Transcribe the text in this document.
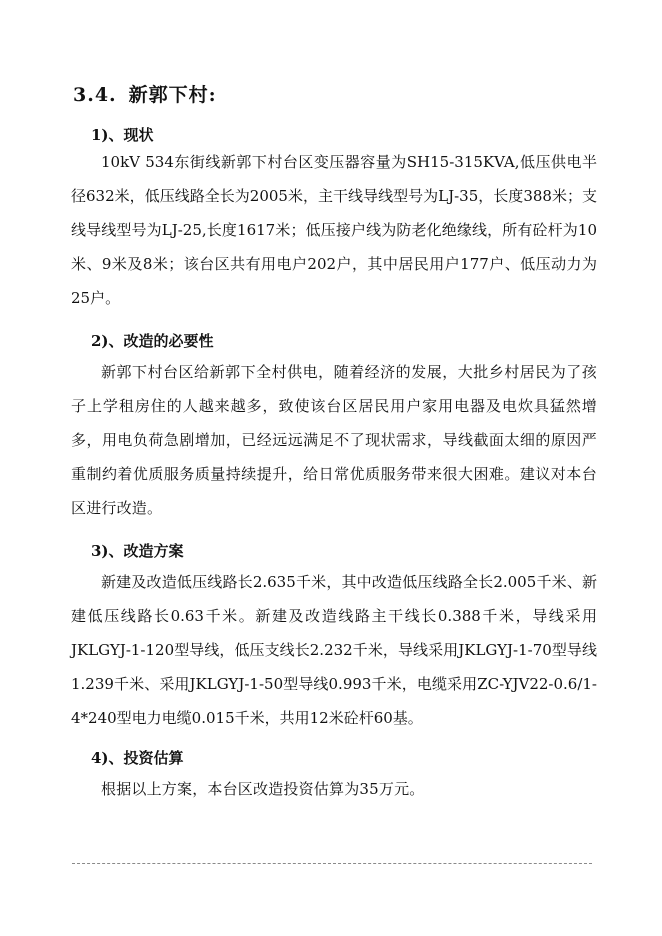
3.4. 新郭下村:
1)、现状
10kV 534东街线新郭下村台区变压器容量为SH15-315KVA,低压供电半径632米，低压线路全长为2005米，主干线导线型号为LJ-35，长度388米；支线导线型号为LJ-25,长度1617米；低压接户线为防老化绝缘线，所有砼杆为10米、9米及8米；该台区共有用电户202户，其中居民用户177户、低压动力为25户。
2)、改造的必要性
新郭下村台区给新郭下全村供电，随着经济的发展，大批乡村居民为了孩子上学租房住的人越来越多，致使该台区居民用户家用电器及电炊具猛然增多，用电负荷急剧增加，已经远远满足不了现状需求，导线截面太细的原因严重制约着优质服务质量持续提升，给日常优质服务带来很大困难。建议对本台区进行改造。
3)、改造方案
新建及改造低压线路长2.635千米，其中改造低压线路全长2.005千米、新建低压线路长0.63千米。新建及改造线路主干线长0.388千米，导线采用JKLGYJ-1-120型导线，低压支线长2.232千米，导线采用JKLGYJ-1-70型导线1.239千米、采用JKLGYJ-1-50型导线0.993千米，电缆采用ZC-YJV22-0.6/1-4*240型电力电缆0.015千米，共用12米砼杆60基。
4)、投资估算
根据以上方案，本台区改造投资估算为35万元。
